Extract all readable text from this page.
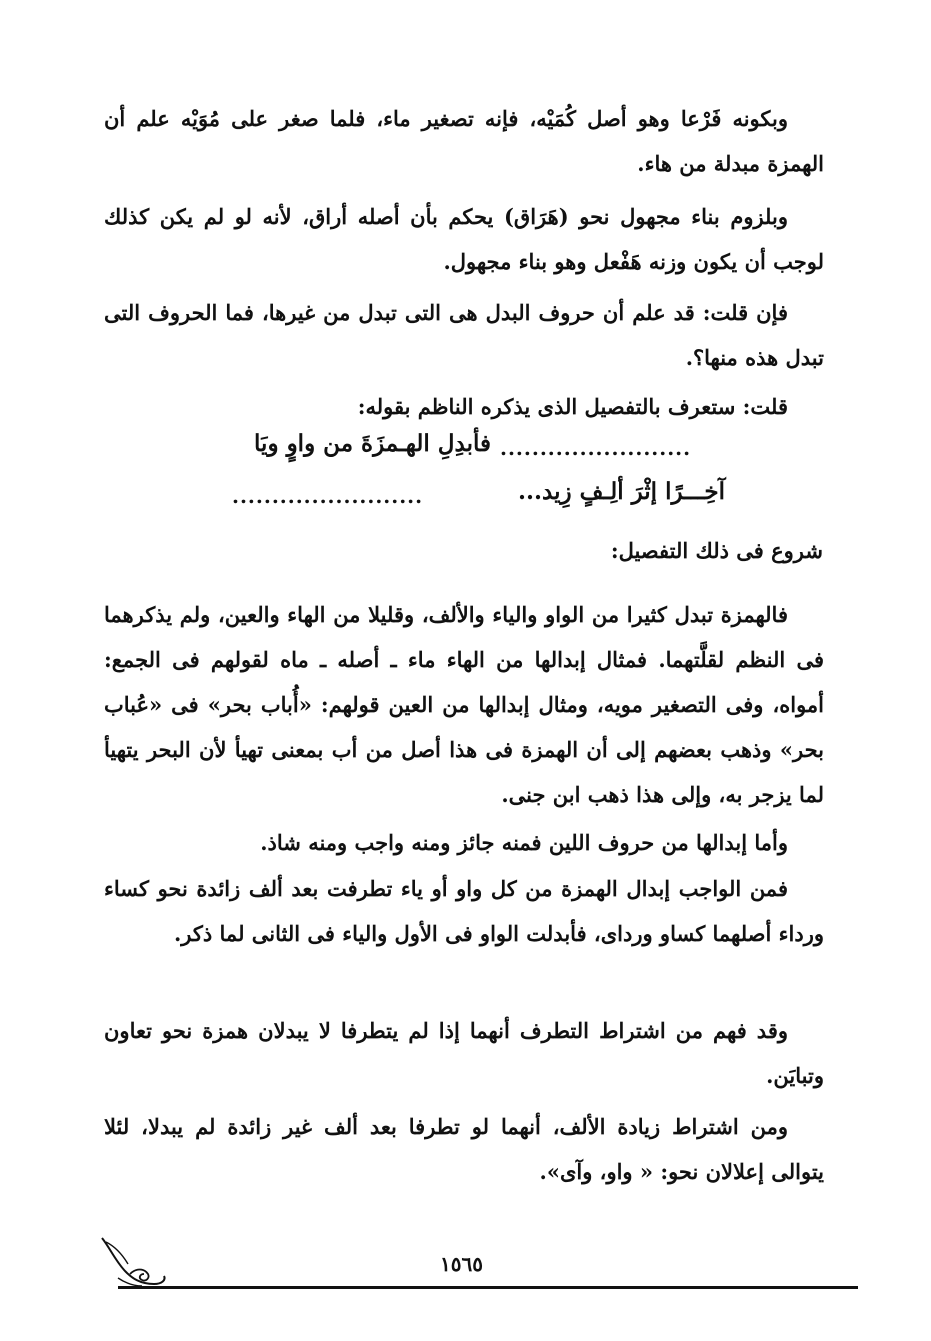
وبكونه فَرْعا وهو أصل كُمَيْه، فإنه تصغير ماء، فلما صغر على مُوَيْه علم أن الهمزة مبدلة من هاء.

وبلزوم بناء مجهول نحو (هَرَاق) يحكم بأن أصله أراق، لأنه لو لم يكن كذلك لوجب أن يكون وزنه هَفْعل وهو بناء مجهول.

فإن قلت: قد علم أن حروف البدل هى التى تبدل من غيرها، فما الحروف التى تبدل هذه منها؟.

قلت: ستعرف بالتفصيل الذى يذكره الناظم بقوله:

فأبدِلِ الهـمزَةَ من واوٍ ويَا ........................
آخِـــرًا إثْرَ ألِـفٍ زِيد...
........................
شروع فى ذلك التفصيل:

فالهمزة تبدل كثيرا من الواو والياء والألف، وقليلا من الهاء والعين، ولم يذكرهما فى النظم لقلَّتهما. فمثال إبدالها من الهاء ماء ـ أصله ـ ماه لقولهم فى الجمع: أمواه، وفى التصغير مويه، ومثال إبدالها من العين قولهم: «أُباب بحر» فى «عُباب بحر» وذهب بعضهم إلى أن الهمزة فى هذا أصل من أب بمعنى تهيأ لأن البحر يتهيأ لما يزجر به، وإلى هذا ذهب ابن جنى.

وأما إبدالها من حروف اللين فمنه جائز ومنه واجب ومنه شاذ.

فمن الواجب إبدال الهمزة من كل واو أو ياء تطرفت بعد ألف زائدة نحو كساء ورداء أصلهما كساو ورداى، فأبدلت الواو فى الأول والياء فى الثانى لما ذكر.

وقد فهم من اشتراط التطرف أنهما إذا لم يتطرفا لا يبدلان همزة نحو تعاون وتبايَن.

ومن اشتراط زيادة الألف، أنهما لو تطرفا بعد ألف غير زائدة لم يبدلا، لئلا يتوالى إعلالان نحو: « واو، وآى».

١٥٦٥
